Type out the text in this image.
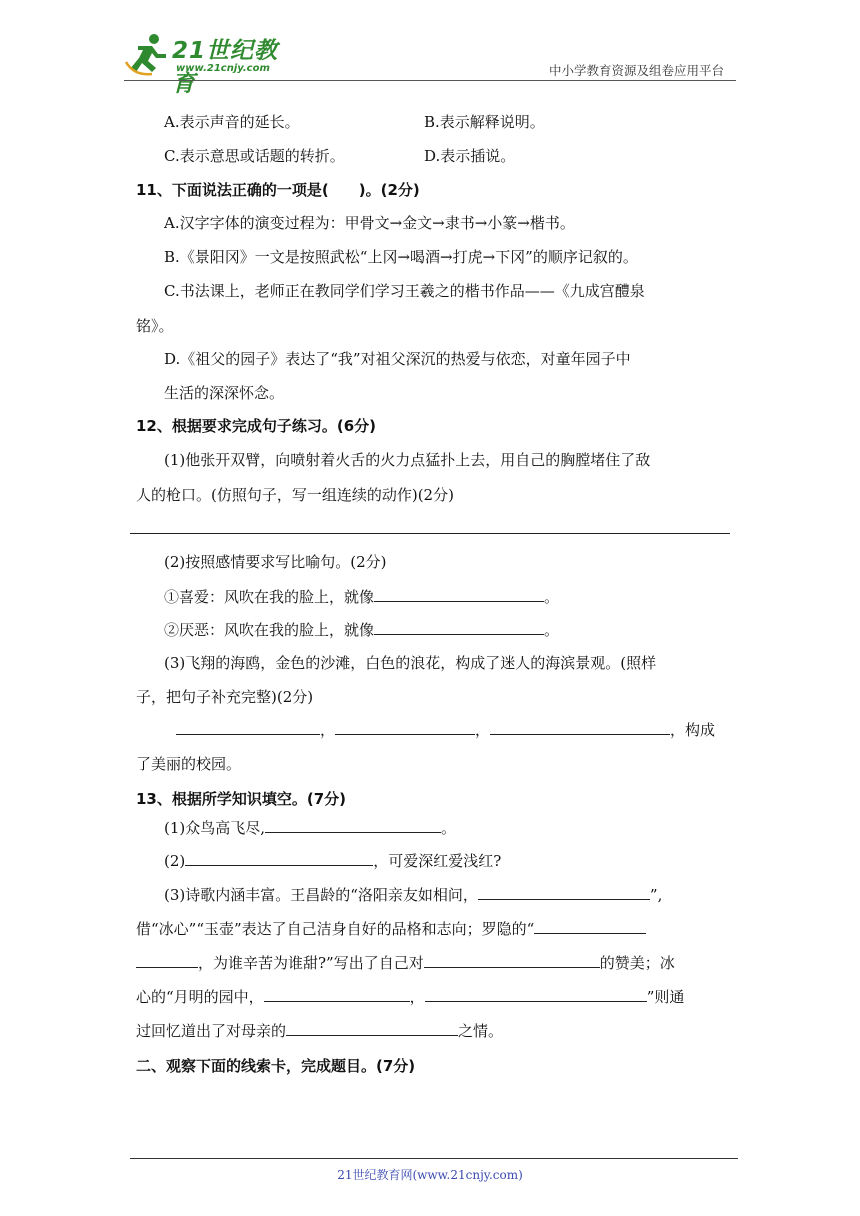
21世纪教育
www.21cnjy.com	中小学教育资源及组卷应用平台
A.表示声音的延长。	B.表示解释说明。
C.表示意思或话题的转折。	D.表示插说。
11、下面说法正确的一项是(　　)。(2分)
A.汉字字体的演变过程为：甲骨文→金文→隶书→小篆→楷书。
B.《景阳冈》一文是按照武松“上冈→喝酒→打虎→下冈”的顺序记叙的。
C.书法课上，老师正在教同学们学习王羲之的楷书作品——《九成宫醴泉
铭》。
D.《祖父的园子》表达了“我”对祖父深沉的热爱与依恋，对童年园子中
生活的深深怀念。
12、根据要求完成句子练习。(6分)
(1)他张开双臂，向喷射着火舌的火力点猛扑上去，用自己的胸膛堵住了敌
人的枪口。(仿照句子，写一组连续的动作)(2分)
(2)按照感情要求写比喻句。(2分)
①喜爱：风吹在我的脸上，就像	。
②厌恶：风吹在我的脸上，就像	。
(3)飞翔的海鸥，金色的沙滩，白色的浪花，构成了迷人的海滨景观。(照样
子，把句子补充完整)(2分)
，	，	，构成
了美丽的校园。
13、根据所学知识填空。(7分)
(1)众鸟高飞尽,	。
(2)	，可爱深红爱浅红?
(3)诗歌内涵丰富。王昌龄的“洛阳亲友如相问，	”,
借“冰心”“玉壶”表达了自己洁身自好的品格和志向；罗隐的“
，为谁辛苦为谁甜?”写出了自己对	的赞美；冰
心的“月明的园中，	，	”则通
过回忆道出了对母亲的	之情。
二、观察下面的线索卡，完成题目。(7分)
21世纪教育网(www.21cnjy.com)
